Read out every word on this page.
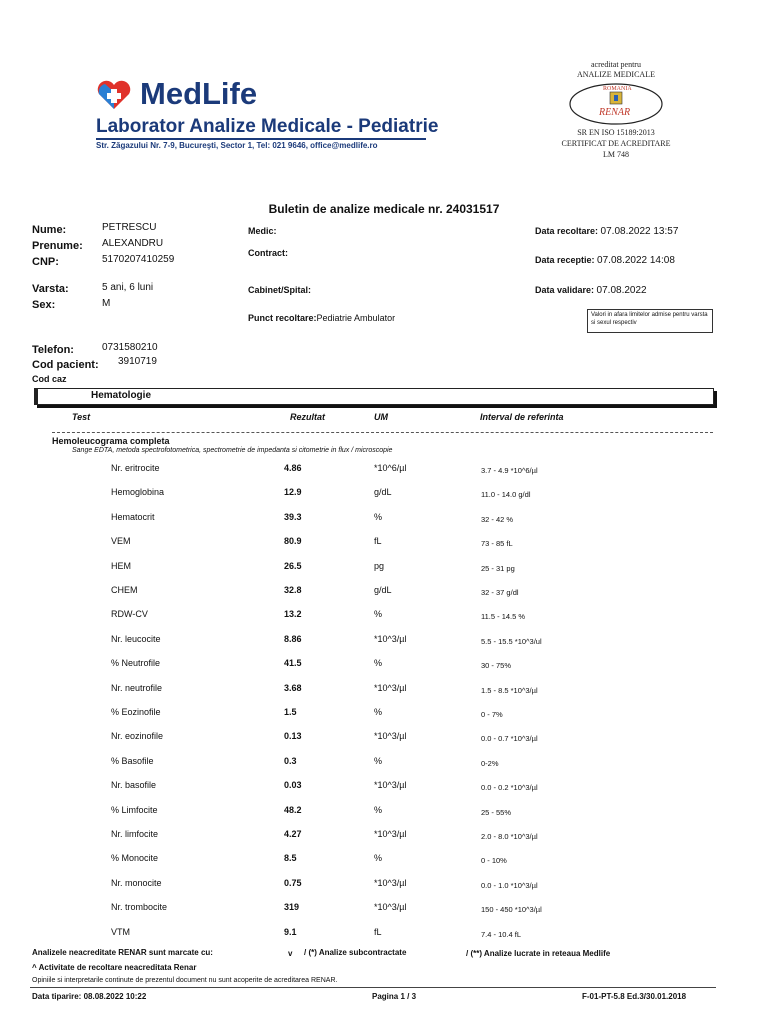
MedLife
Laborator Analize Medicale - Pediatrie
Str. Zăgazului Nr. 7-9, Bucureşti, Sector 1, Tel: 021 9646, office@medlife.ro
acreditat pentru
ANALIZE MEDICALE
ROMANIA
RENAR
SR EN ISO 15189:2013
CERTIFICAT DE ACREDITARE
LM 748
Buletin de analize medicale nr. 24031517
Nume:	PETRESCU
Prenume: ALEXANDRU
CNP:	5170207410259
Varsta:	5 ani, 6 luni
Sex:	M
Telefon:	0731580210
Cod pacient: 3910719
Cod caz
Medic:
Contract:
Cabinet/Spital:
Punct recoltare:Pediatrie Ambulator
Data recoltare: 07.08.2022 13:57
Data receptie: 07.08.2022 14:08
Data validare: 07.08.2022
Valori in afara limitelor admise pentru varsta si sexul respectiv
Hematologie
Test	Rezultat	UM	Interval de referinta
Hemoleucograma completa
Sange EDTA, metoda spectrofotometrica, spectrometrie de impedanta si citometrie in flux / microscopie
Nr. eritrocite	4.86	*10^6/µl	3.7 - 4.9 *10^6/µl
Hemoglobina	12.9	g/dL	11.0 - 14.0 g/dl
Hematocrit	39.3	%	32 - 42 %
VEM	80.9	fL	73 - 85 fL
HEM	26.5	pg	25 - 31 pg
CHEM	32.8	g/dL	32 - 37 g/dl
RDW-CV	13.2	%	11.5 - 14.5 %
Nr. leucocite	8.86	*10^3/µl	5.5 - 15.5 *10^3/ul
% Neutrofile	41.5	%	30 - 75%
Nr. neutrofile	3.68	*10^3/µl	1.5 - 8.5 *10^3/µl
% Eozinofile	1.5	%	0 - 7%
Nr. eozinofile	0.13	*10^3/µl	0.0 - 0.7 *10^3/µl
% Basofile	0.3	%	0-2%
Nr. basofile	0.03	*10^3/µl	0.0 - 0.2 *10^3/µl
% Limfocite	48.2	%	25 - 55%
Nr. limfocite	4.27	*10^3/µl	2.0 - 8.0 *10^3/µl
% Monocite	8.5	%	0 - 10%
Nr. monocite	0.75	*10^3/µl	0.0 - 1.0 *10^3/µl
Nr. trombocite	319	*10^3/µl	150 - 450 *10^3/µl
VTM	9.1	fL	7.4 - 10.4 fL
Analizele neacreditate RENAR sunt marcate cu:	v / (*) Analize subcontractate	/ (**) Analize lucrate in reteaua Medlife
^ Activitate de recoltare neacreditata Renar
Opiniile si interpretarile continute de prezentul document nu sunt acoperite de acreditarea RENAR.
Data tiparire: 08.08.2022 10:22	Pagina 1 / 3	F-01-PT-5.8 Ed.3/30.01.2018
